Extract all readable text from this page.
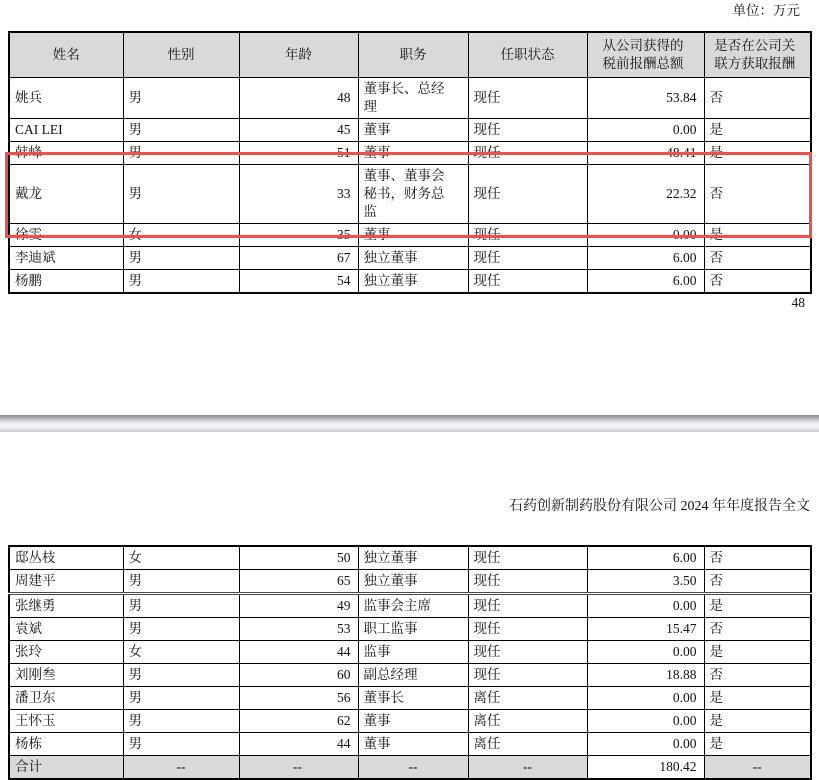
单位：万元
姓名	性别	年龄	职务	任职状态	从公司获得的税前报酬总额	是否在公司关联方获取报酬
姚兵	男	48	董事长、总经理	现任	53.84	否
CAI LEI	男	45	董事	现任	0.00	是
韩峰	男	51	董事	现任	48.41	是
戴龙	男	33	董事、董事会秘书，财务总监	现任	22.32	否
徐雯	女	35	董事	现任	0.00	是
李迪斌	男	67	独立董事	现任	6.00	否
杨鹏	男	54	独立董事	现任	6.00	否
48
石药创新制药股份有限公司 2024 年年度报告全文
邸丛枝	女	50	独立董事	现任	6.00	否
周建平	男	65	独立董事	现任	3.50	否
张继勇	男	49	监事会主席	现任	0.00	是
袁斌	男	53	职工监事	现任	15.47	否
张玲	女	44	监事	现任	0.00	是
刘刚叁	男	60	副总经理	现任	18.88	否
潘卫东	男	56	董事长	离任	0.00	是
王怀玉	男	62	董事	离任	0.00	是
杨栋	男	44	董事	离任	0.00	是
合计	--	--	--	--	180.42	--
